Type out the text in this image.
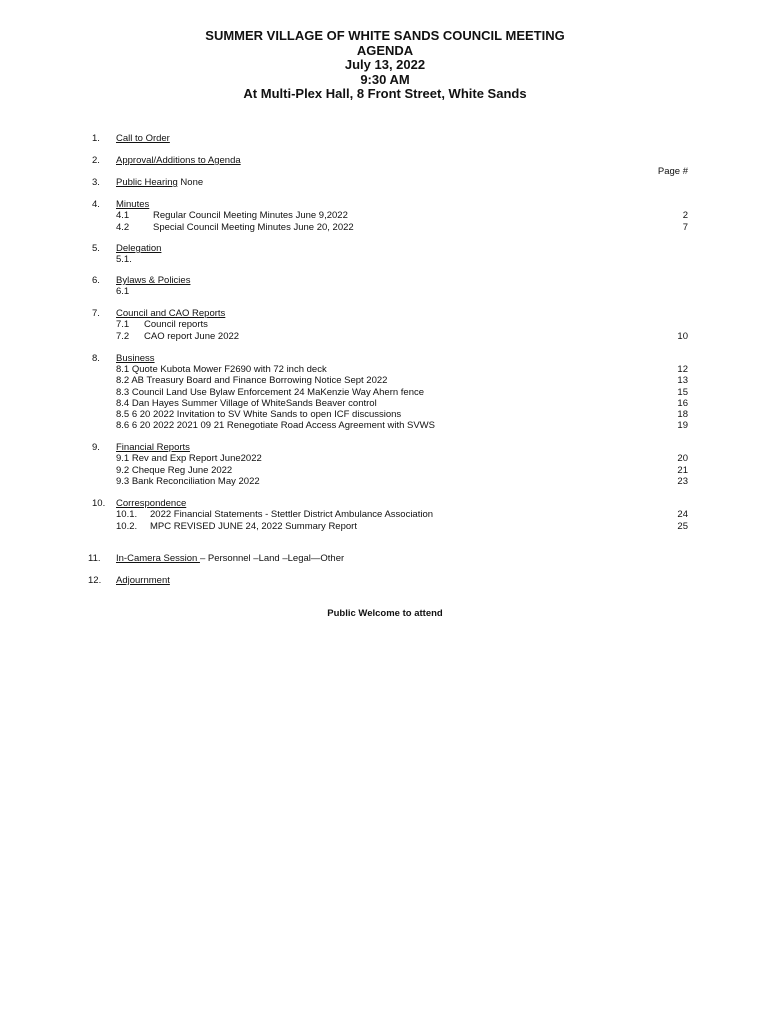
SUMMER VILLAGE OF WHITE SANDS COUNCIL MEETING
AGENDA
July 13, 2022
9:30 AM
At Multi-Plex Hall, 8 Front Street, White Sands
1. Call to Order
2. Approval/Additions to Agenda
Page #
3. Public Hearing None
4. Minutes
4.1	Regular Council Meeting Minutes June 9,2022	2
4.2	Special Council Meeting Minutes June 20, 2022	7
5. Delegation
5.1.
6. Bylaws & Policies
6.1
7. Council and CAO Reports
7.1 Council reports
7.2 CAO report June 2022	10
8. Business
8.1 Quote Kubota Mower F2690 with 72 inch deck	12
8.2 AB Treasury Board and Finance Borrowing Notice Sept 2022	13
8.3 Council Land Use Bylaw Enforcement 24 MaKenzie Way Ahern fence	15
8.4 Dan Hayes Summer Village of WhiteSands Beaver control	16
8.5 6 20 2022 Invitation to SV White Sands to open ICF discussions	18
8.6 6 20 2022 2021 09 21 Renegotiate Road Access Agreement with SVWS	19
9. Financial Reports
9.1 Rev and Exp Report June2022	20
9.2 Cheque Reg June 2022	21
9.3 Bank Reconciliation May 2022	23
10. Correspondence
10.1. 2022 Financial Statements - Stettler District Ambulance Association	24
10.2. MPC REVISED JUNE 24, 2022 Summary Report	25
11. In-Camera Session – Personnel –Land –Legal—Other
12. Adjournment
Public Welcome to attend
